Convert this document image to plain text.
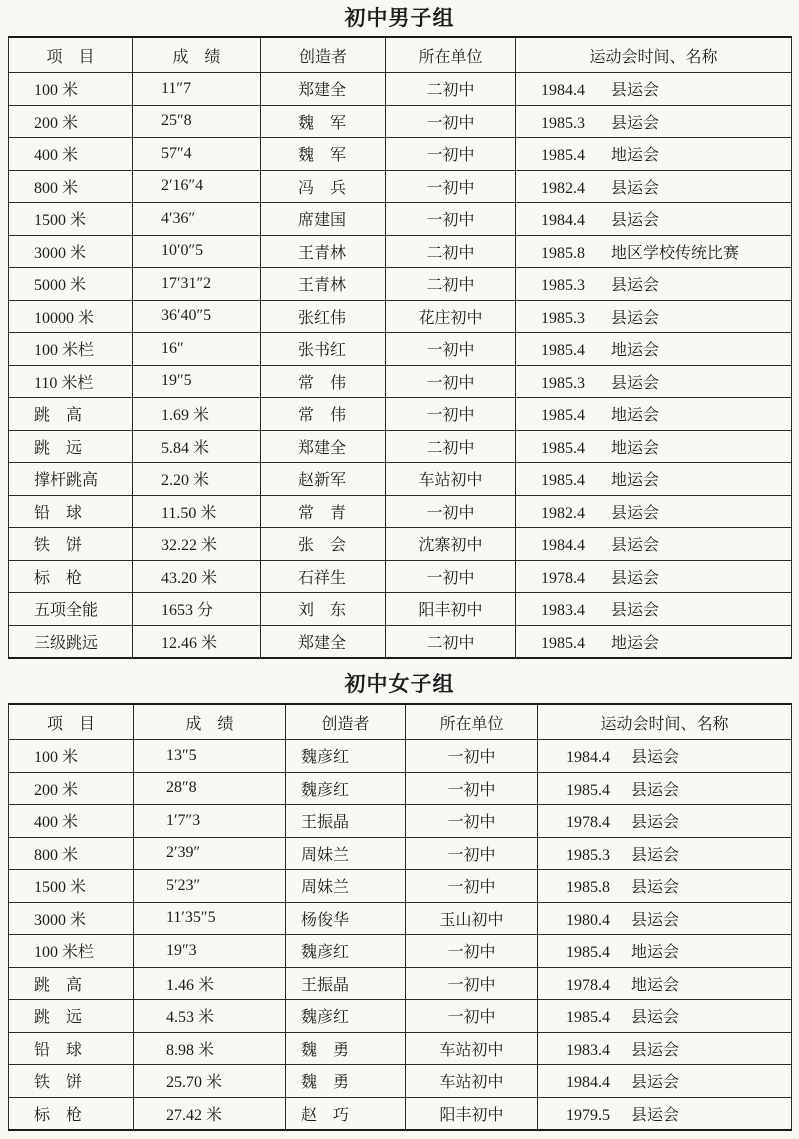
初中男子组
项　目	成　绩	创造者	所在单位	运动会时间、名称
100 米	11″7	郑建全	二初中	1984.4 县运会
200 米	25″8	魏　军	一初中	1985.3 县运会
400 米	57″4	魏　军	一初中	1985.4 地运会
800 米	2′16″4	冯　兵	一初中	1982.4 县运会
1500 米	4′36″	席建国	一初中	1984.4 县运会
3000 米	10′0″5	王青林	二初中	1985.8 地区学校传统比赛
5000 米	17′31″2	王青林	二初中	1985.3 县运会
10000 米	36′40″5	张红伟	花庄初中	1985.3 县运会
100 米栏	16″	张书红	一初中	1985.4 地运会
110 米栏	19″5	常　伟	一初中	1985.3 县运会
跳　高	1.69 米	常　伟	一初中	1985.4 地运会
跳　远	5.84 米	郑建全	二初中	1985.4 地运会
撑杆跳高	2.20 米	赵新军	车站初中	1985.4 地运会
铅　球	11.50 米	常　青	一初中	1982.4 县运会
铁　饼	32.22 米	张　会	沈寨初中	1984.4 县运会
标　枪	43.20 米	石祥生	一初中	1978.4 县运会
五项全能	1653 分	刘　东	阳丰初中	1983.4 县运会
三级跳远	12.46 米	郑建全	二初中	1985.4 地运会
初中女子组
项　目	成　绩	创造者	所在单位	运动会时间、名称
100 米	13″5	魏彦红	一初中	1984.4 县运会
200 米	28″8	魏彦红	一初中	1985.4 县运会
400 米	1′7″3	王振晶	一初中	1978.4 县运会
800 米	2′39″	周妹兰	一初中	1985.3 县运会
1500 米	5′23″	周妹兰	一初中	1985.8 县运会
3000 米	11′35″5	杨俊华	玉山初中	1980.4 县运会
100 米栏	19″3	魏彦红	一初中	1985.4 地运会
跳　高	1.46 米	王振晶	一初中	1978.4 地运会
跳　远	4.53 米	魏彦红	一初中	1985.4 县运会
铅　球	8.98 米	魏　勇	车站初中	1983.4 县运会
铁　饼	25.70 米	魏　勇	车站初中	1984.4 县运会
标　枪	27.42 米	赵　巧	阳丰初中	1979.5 县运会
